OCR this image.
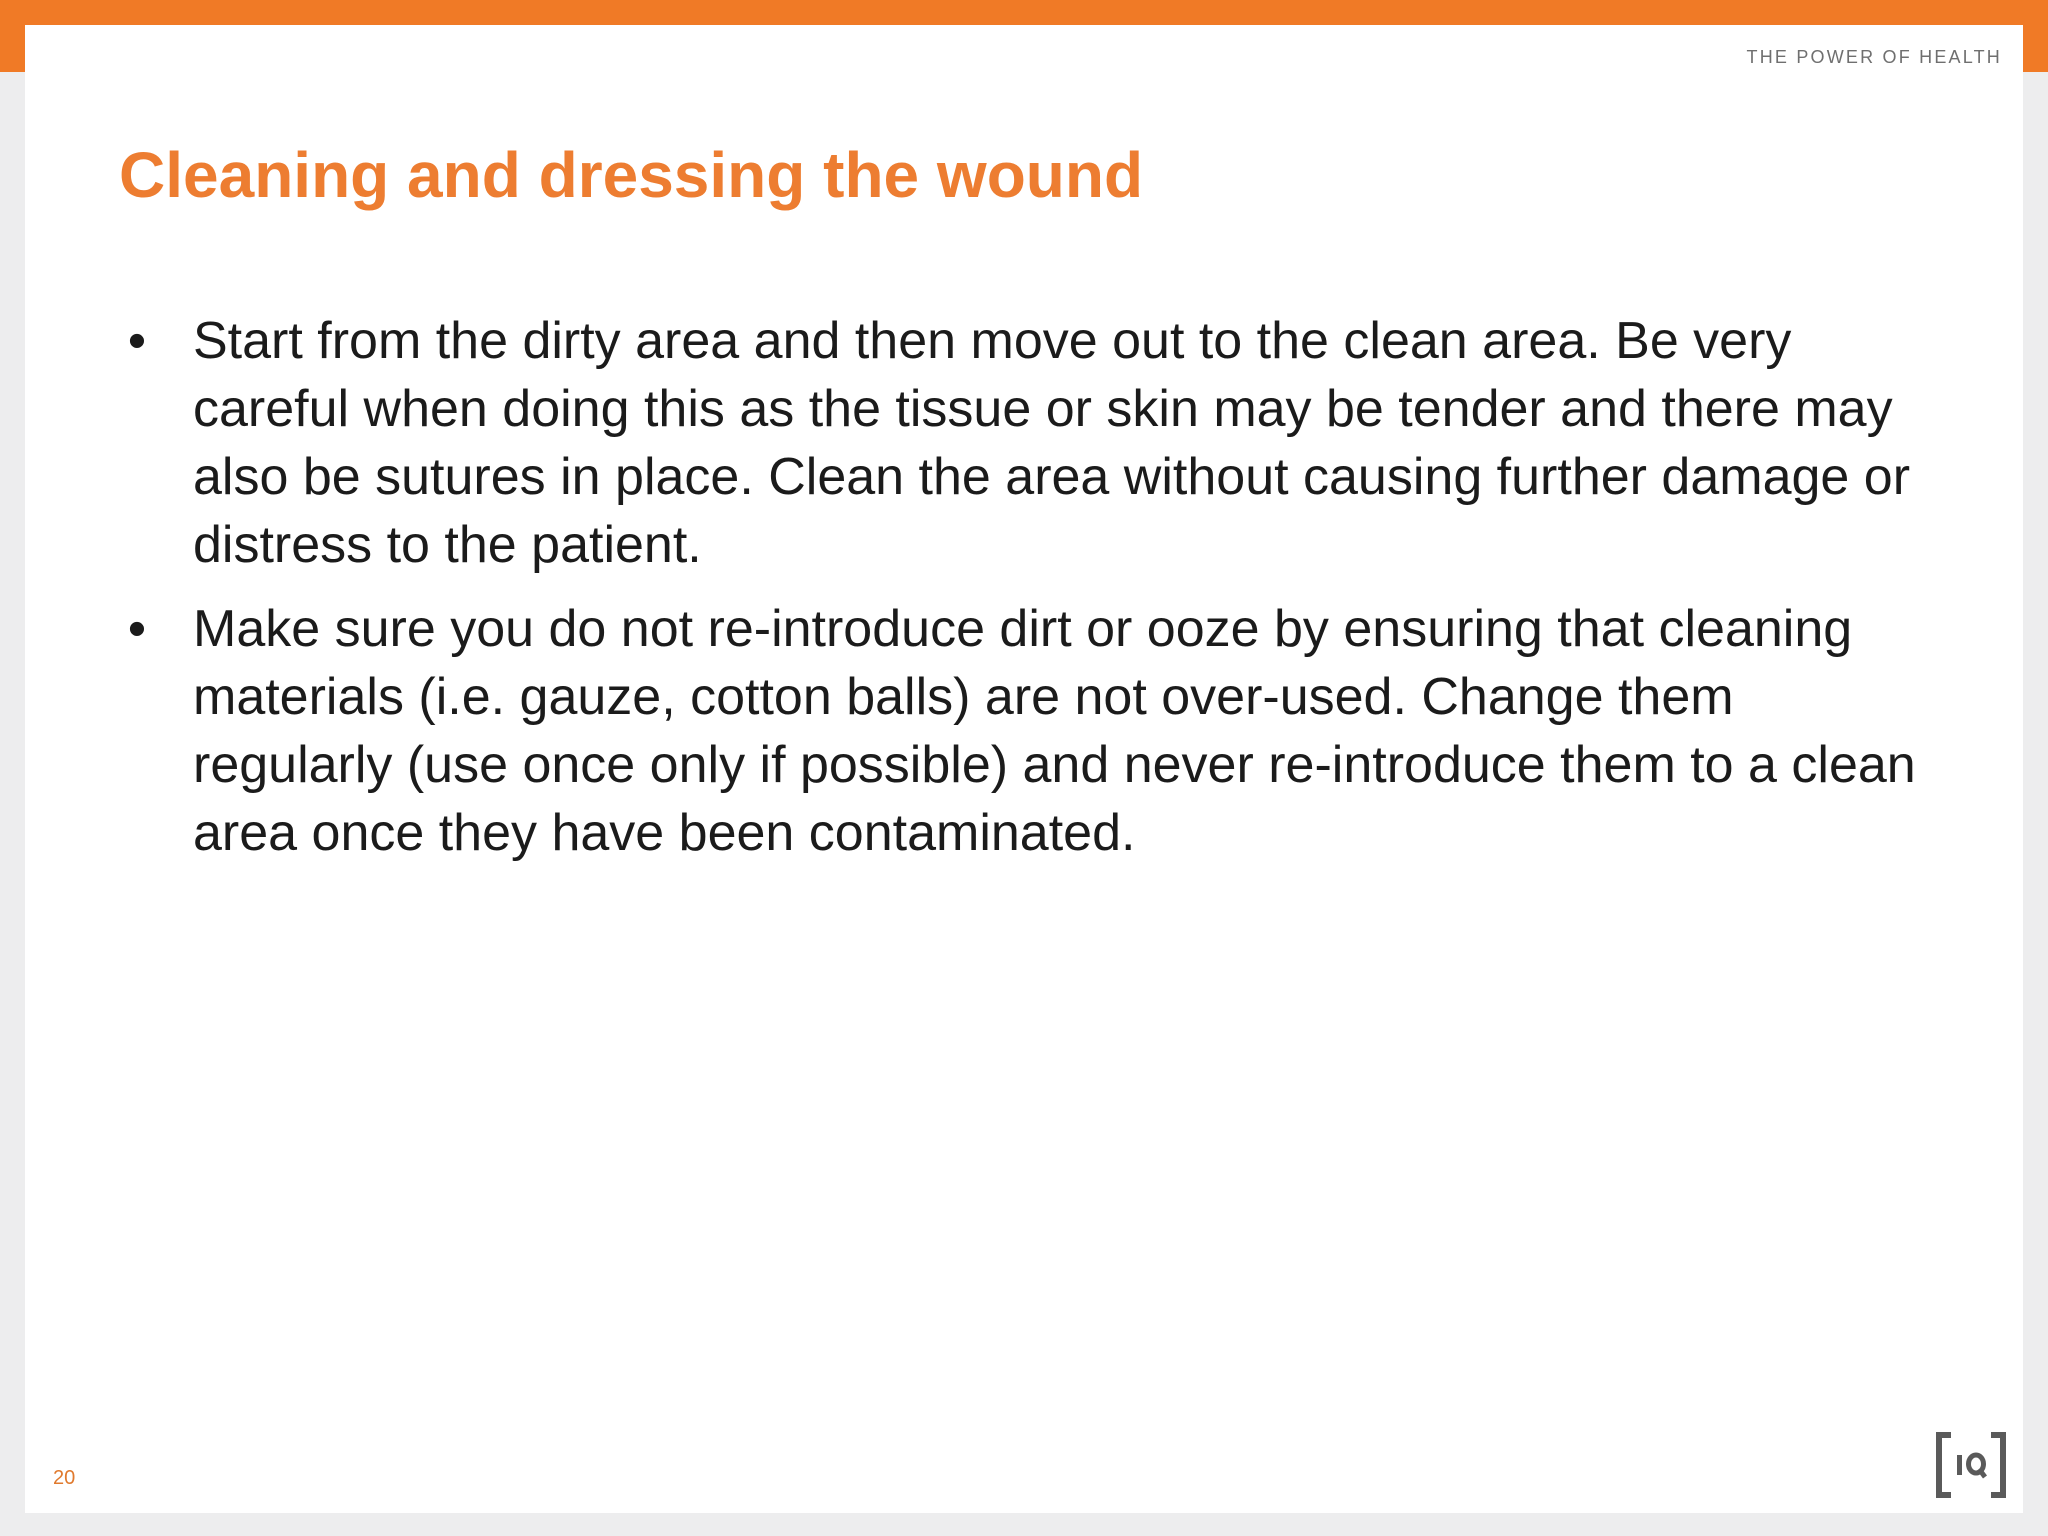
THE POWER OF HEALTH
Cleaning and dressing the wound
• Start from the dirty area and then move out to the clean area. Be very careful when doing this as the tissue or skin may be tender and there may also be sutures in place. Clean the area without causing further damage or distress to the patient.
• Make sure you do not re-introduce dirt or ooze by ensuring that cleaning materials (i.e. gauze, cotton balls) are not over-used. Change them regularly (use once only if possible) and never re-introduce them to a clean area once they have been contaminated.
20
